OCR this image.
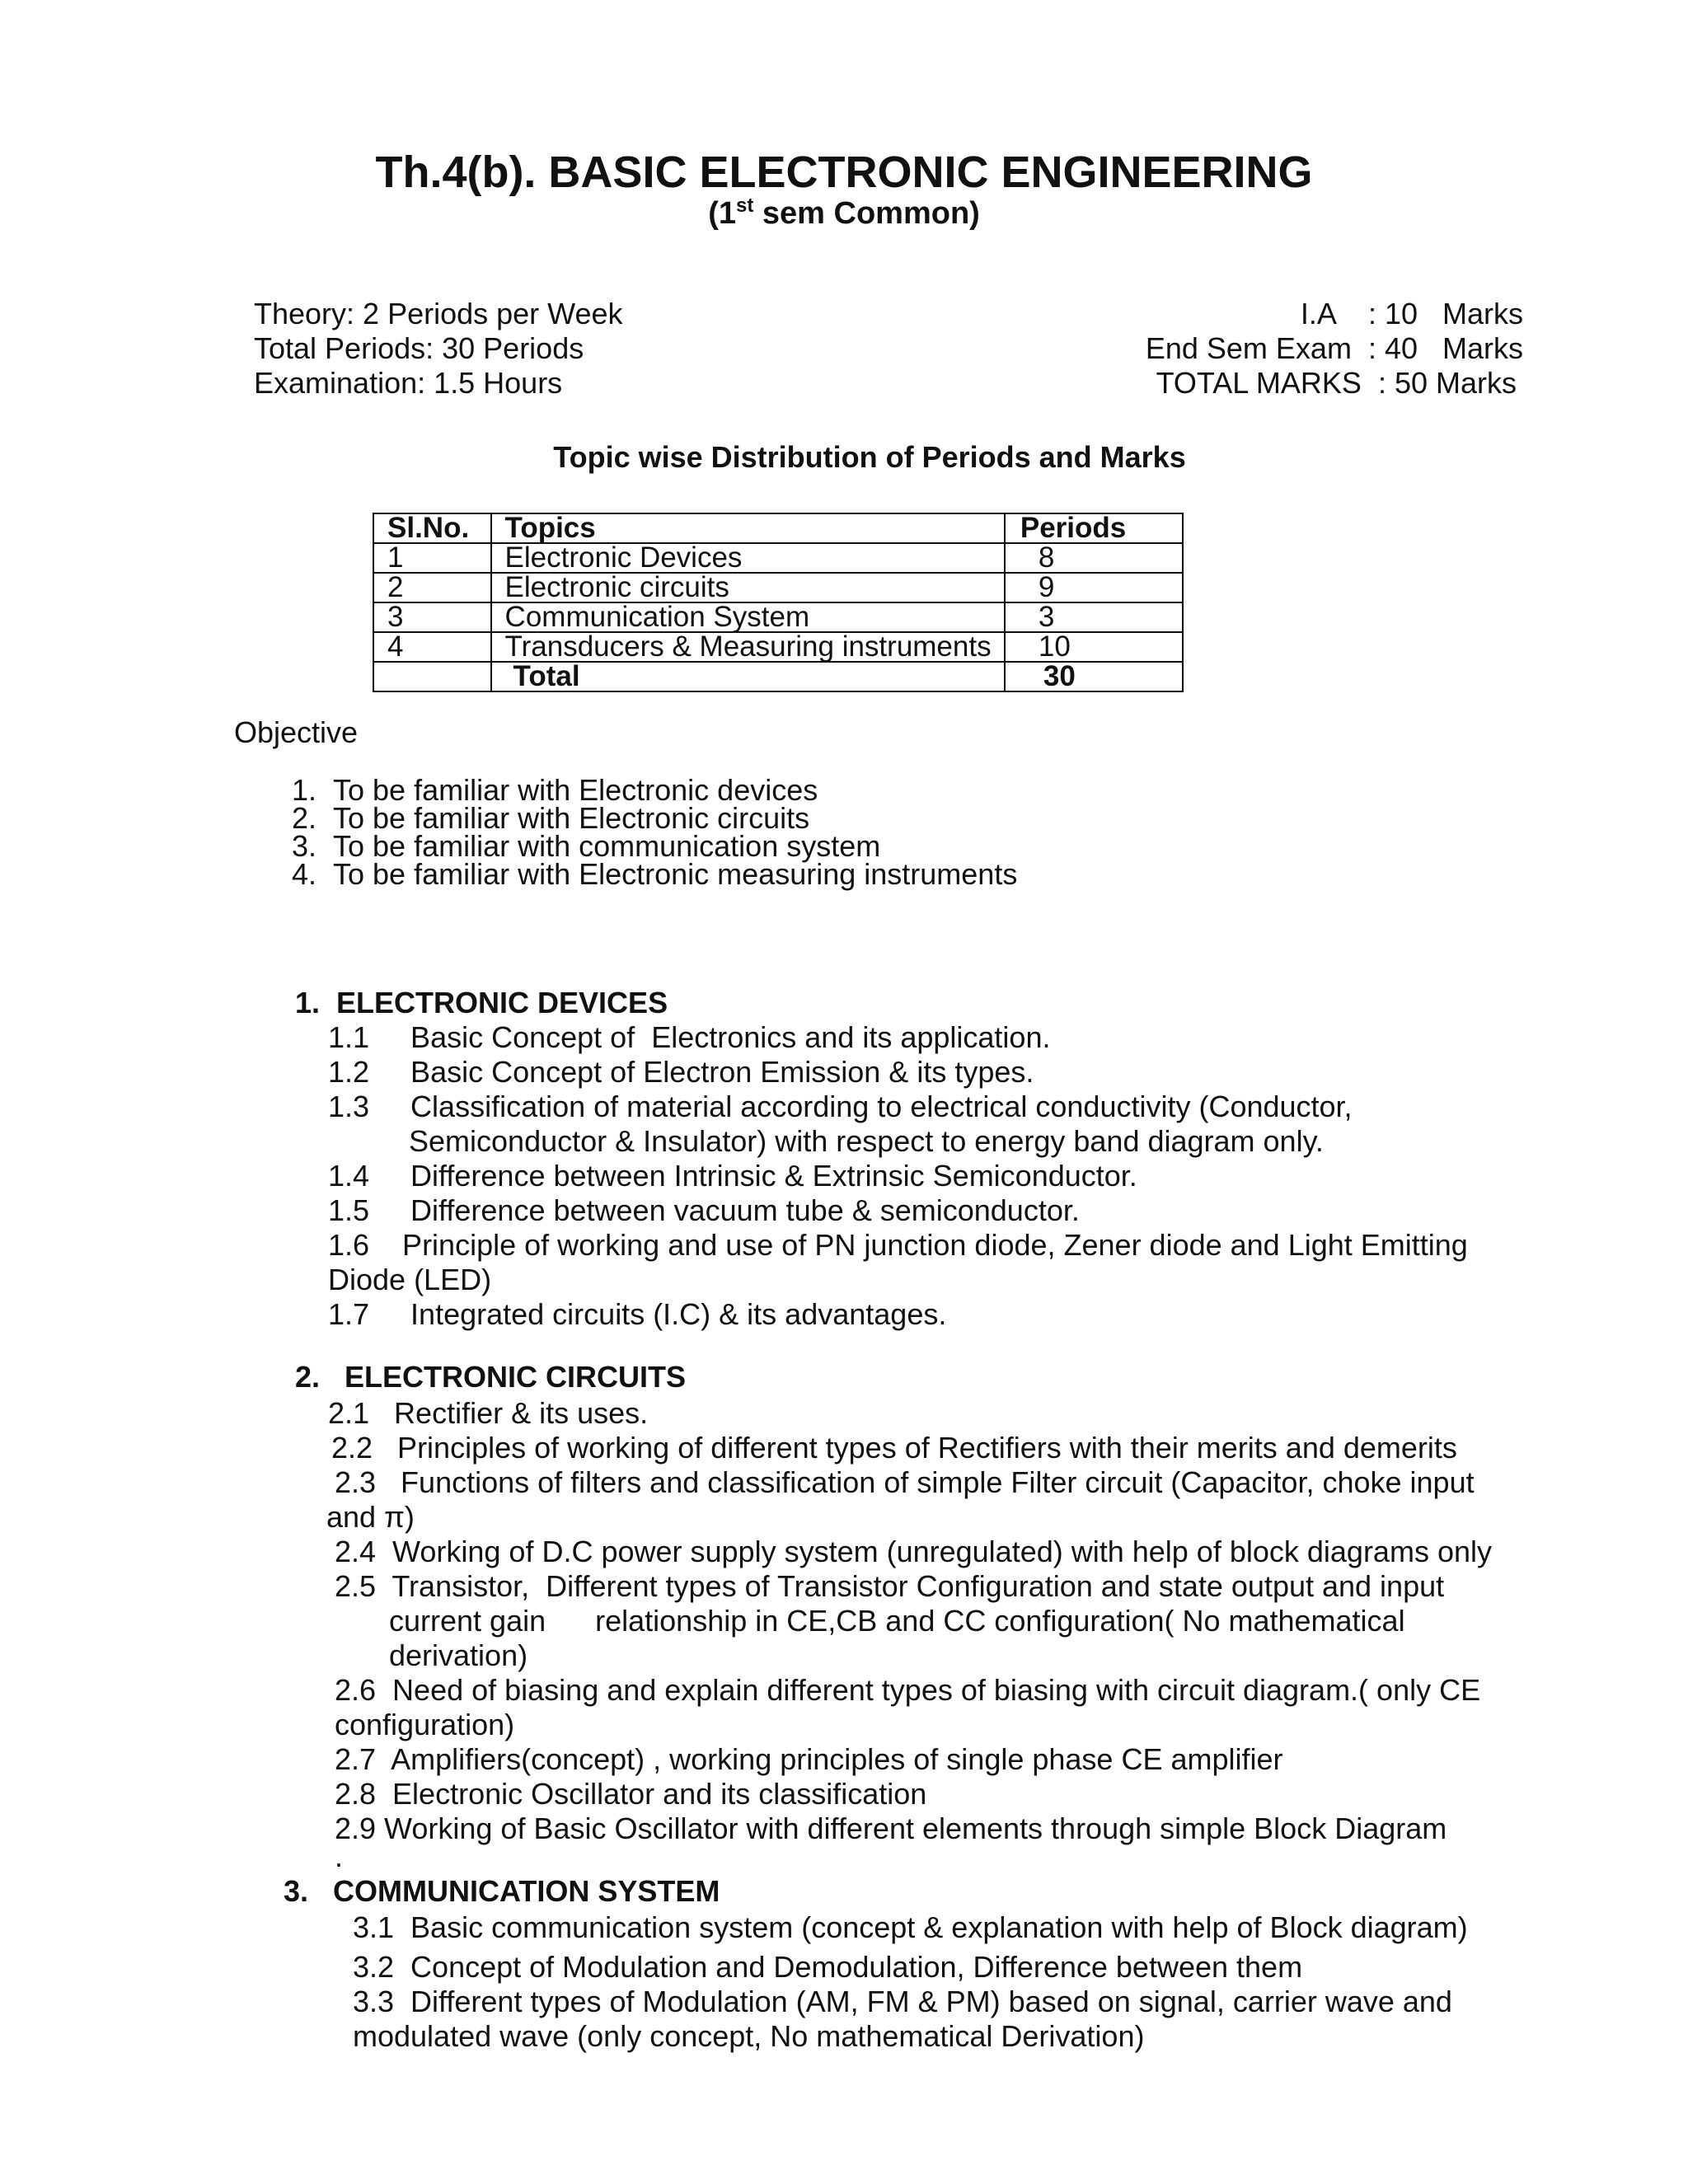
Th.4(b). BASIC ELECTRONIC ENGINEERING
(1st sem Common)
Theory: 2 Periods per Week
Total Periods: 30 Periods
Examination: 1.5 Hours
I.A    : 10   Marks
End Sem Exam  : 40   Marks
TOTAL MARKS  : 50 Marks
Topic wise Distribution of Periods and Marks
Sl.No.	Topics	Periods
1	Electronic Devices	8
2	Electronic circuits	9
3	Communication System	3
4	Transducers & Measuring instruments	10
	Total	30
Objective
1. To be familiar with Electronic devices
2. To be familiar with Electronic circuits
3. To be familiar with communication system
4. To be familiar with Electronic measuring instruments
1.  ELECTRONIC DEVICES
1.1     Basic Concept of  Electronics and its application.
1.2     Basic Concept of Electron Emission & its types.
1.3     Classification of material according to electrical conductivity (Conductor,
Semiconductor & Insulator) with respect to energy band diagram only.
1.4     Difference between Intrinsic & Extrinsic Semiconductor.
1.5     Difference between vacuum tube & semiconductor.
1.6    Principle of working and use of PN junction diode, Zener diode and Light Emitting
Diode (LED)
1.7     Integrated circuits (I.C) & its advantages.
2.   ELECTRONIC CIRCUITS
2.1   Rectifier & its uses.
2.2   Principles of working of different types of Rectifiers with their merits and demerits
2.3   Functions of filters and classification of simple Filter circuit (Capacitor, choke input
and π)
2.4  Working of D.C power supply system (unregulated) with help of block diagrams only
2.5  Transistor,  Different types of Transistor Configuration and state output and input
current gain      relationship in CE,CB and CC configuration( No mathematical
derivation)
2.6  Need of biasing and explain different types of biasing with circuit diagram.( only CE
configuration)
2.7  Amplifiers(concept) , working principles of single phase CE amplifier
2.8  Electronic Oscillator and its classification
2.9 Working of Basic Oscillator with different elements through simple Block Diagram
.
3.   COMMUNICATION SYSTEM
3.1  Basic communication system (concept & explanation with help of Block diagram)
3.2  Concept of Modulation and Demodulation, Difference between them
3.3  Different types of Modulation (AM, FM & PM) based on signal, carrier wave and
modulated wave (only concept, No mathematical Derivation)
